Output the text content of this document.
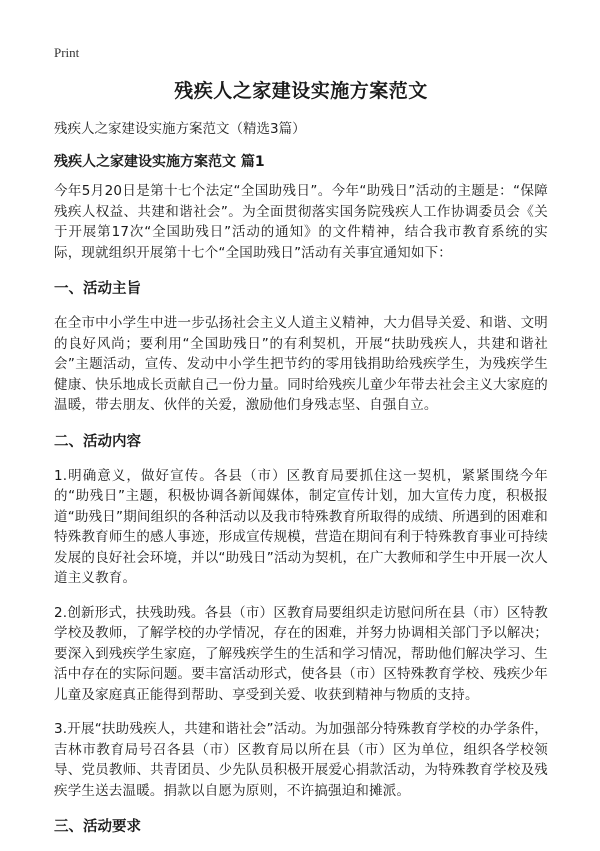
Print
残疾人之家建设实施方案范文
残疾人之家建设实施方案范文（精选3篇）
残疾人之家建设实施方案范文 篇1

今年5月20日是第十七个法定“全国助残日”。今年“助残日”活动的主题是：“保障残疾人权益、共建和谐社会”。为全面贯彻落实国务院残疾人工作协调委员会《关于开展第17次“全国助残日”活动的通知》的文件精神，结合我市教育系统的实际，现就组织开展第十七个“全国助残日”活动有关事宜通知如下：

一、活动主旨

在全市中小学生中进一步弘扬社会主义人道主义精神，大力倡导关爱、和谐、文明的良好风尚；要利用“全国助残日”的有利契机，开展“扶助残疾人，共建和谐社会”主题活动，宣传、发动中小学生把节约的零用钱捐助给残疾学生，为残疾学生健康、快乐地成长贡献自己一份力量。同时给残疾儿童少年带去社会主义大家庭的温暖，带去朋友、伙伴的关爱，激励他们身残志坚、自强自立。

二、活动内容

1.明确意义，做好宣传。各县（市）区教育局要抓住这一契机，紧紧围绕今年的“助残日”主题，积极协调各新闻媒体，制定宣传计划，加大宣传力度，积极报道“助残日”期间组织的各种活动以及我市特殊教育所取得的成绩、所遇到的困难和特殊教育师生的感人事迹，形成宣传规模，营造在期间有利于特殊教育事业可持续发展的良好社会环境，并以“助残日”活动为契机，在广大教师和学生中开展一次人道主义教育。

2.创新形式，扶残助残。各县（市）区教育局要组织走访慰问所在县（市）区特教学校及教师，了解学校的办学情况，存在的困难，并努力协调相关部门予以解决；要深入到残疾学生家庭，了解残疾学生的生活和学习情况，帮助他们解决学习、生活中存在的实际问题。要丰富活动形式，使各县（市）区特殊教育学校、残疾少年儿童及家庭真正能得到帮助、享受到关爱、收获到精神与物质的支持。

3.开展“扶助残疾人，共建和谐社会”活动。为加强部分特殊教育学校的办学条件，吉林市教育局号召各县（市）区教育局以所在县（市）区为单位，组织各学校领导、党员教师、共青团员、少先队员积极开展爱心捐款活动，为特殊教育学校及残疾学生送去温暖。捐款以自愿为原则，不许搞强迫和摊派。

三、活动要求
